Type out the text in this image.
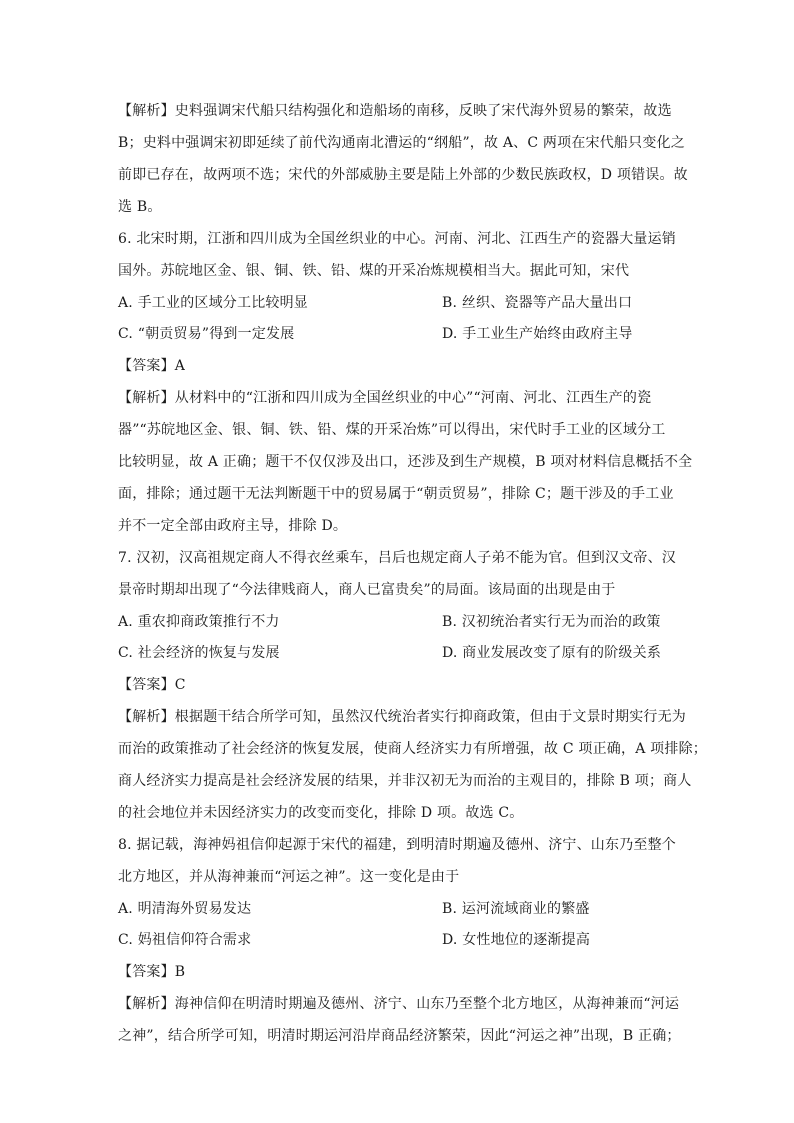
【解析】史料强调宋代船只结构强化和造船场的南移，反映了宋代海外贸易的繁荣，故选
B；史料中强调宋初即延续了前代沟通南北漕运的“纲船”，故 A、C 两项在宋代船只变化之
前即已存在，故两项不选；宋代的外部威胁主要是陆上外部的少数民族政权，D 项错误。故
选 B。
6. 北宋时期，江浙和四川成为全国丝织业的中心。河南、河北、江西生产的瓷器大量运销
国外。苏皖地区金、银、铜、铁、铅、煤的开采冶炼规模相当大。据此可知，宋代
A. 手工业的区域分工比较明显	B. 丝织、瓷器等产品大量出口
C. “朝贡贸易”得到一定发展	D. 手工业生产始终由政府主导
【答案】A
【解析】从材料中的“江浙和四川成为全国丝织业的中心”“河南、河北、江西生产的瓷
器”“苏皖地区金、银、铜、铁、铅、煤的开采冶炼”可以得出，宋代时手工业的区域分工
比较明显，故 A 正确；题干不仅仅涉及出口，还涉及到生产规模，B 项对材料信息概括不全
面，排除；通过题干无法判断题干中的贸易属于“朝贡贸易”，排除 C；题干涉及的手工业
并不一定全部由政府主导，排除 D。
7. 汉初，汉高祖规定商人不得衣丝乘车，吕后也规定商人子弟不能为官。但到汉文帝、汉
景帝时期却出现了“今法律贱商人，商人已富贵矣”的局面。该局面的出现是由于
A. 重农抑商政策推行不力	B. 汉初统治者实行无为而治的政策
C. 社会经济的恢复与发展	D. 商业发展改变了原有的阶级关系
【答案】C
【解析】根据题干结合所学可知，虽然汉代统治者实行抑商政策，但由于文景时期实行无为
而治的政策推动了社会经济的恢复发展，使商人经济实力有所增强，故 C 项正确，A 项排除；
商人经济实力提高是社会经济发展的结果，并非汉初无为而治的主观目的，排除 B 项；商人
的社会地位并未因经济实力的改变而变化，排除 D 项。故选 C。
8. 据记载，海神妈祖信仰起源于宋代的福建，到明清时期遍及德州、济宁、山东乃至整个
北方地区，并从海神兼而“河运之神”。这一变化是由于
A. 明清海外贸易发达	B. 运河流域商业的繁盛
C. 妈祖信仰符合需求	D. 女性地位的逐渐提高
【答案】B
【解析】海神信仰在明清时期遍及德州、济宁、山东乃至整个北方地区，从海神兼而“河运
之神”，结合所学可知，明清时期运河沿岸商品经济繁荣，因此“河运之神”出现，B 正确；
